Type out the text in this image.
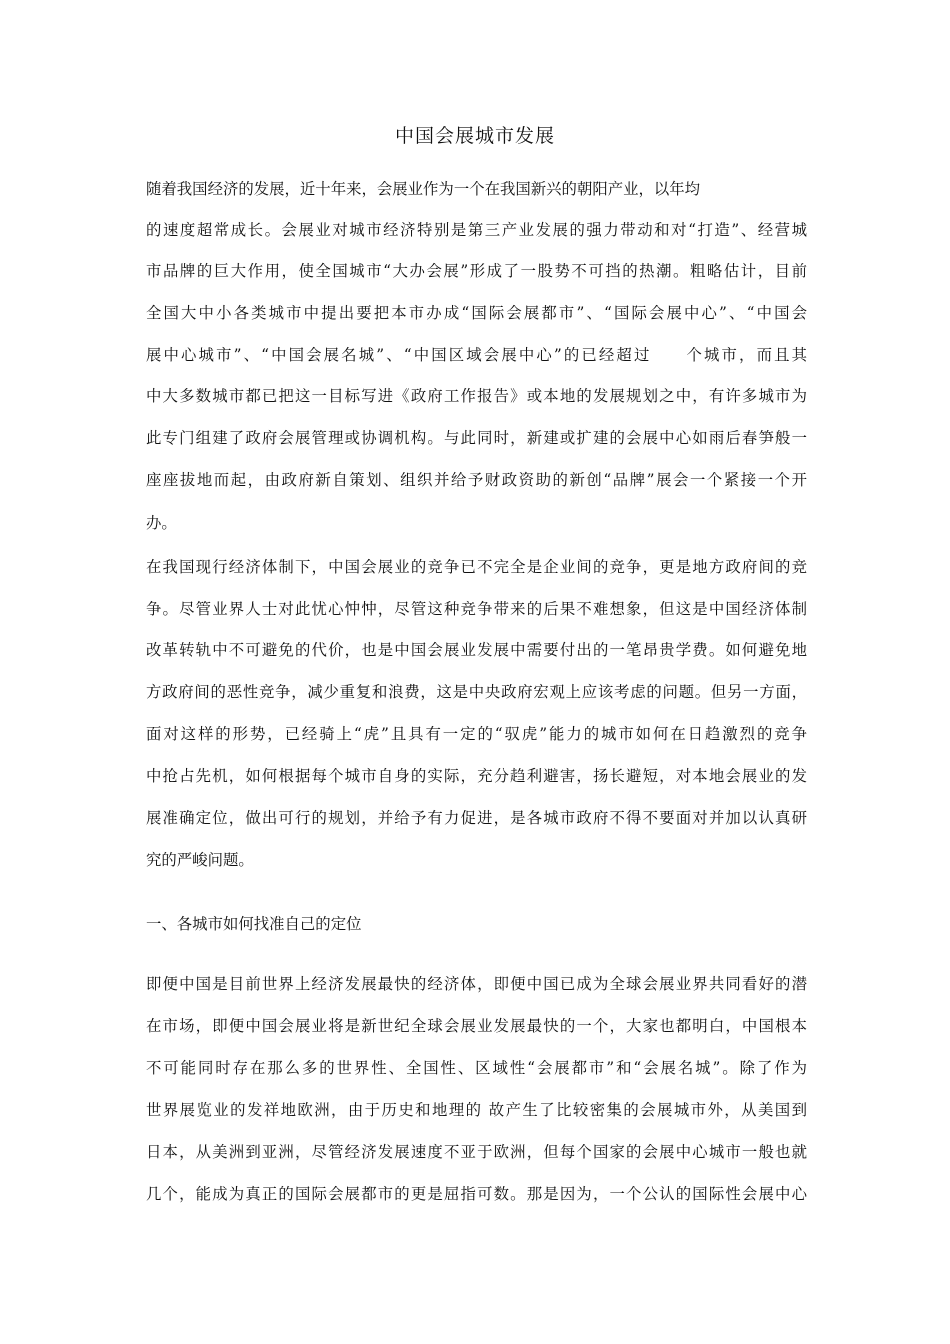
中国会展城市发展
随着我国经济的发展，近十年来，会展业作为一个在我国新兴的朝阳产业，以年均
的速度超常成长。会展业对城市经济特别是第三产业发展的强力带动和对“打造”、经营城
市品牌的巨大作用，使全国城市“大办会展”形成了一股势不可挡的热潮。粗略估计，目前
全国大中小各类城市中提出要把本市办成“国际会展都市”、“国际会展中心”、“中国会
展中心城市”、“中国会展名城”、“中国区域会展中心”的已经超过　　个城市，而且其
中大多数城市都已把这一目标写进《政府工作报告》或本地的发展规划之中，有许多城市为
此专门组建了政府会展管理或协调机构。与此同时，新建或扩建的会展中心如雨后春笋般一
座座拔地而起，由政府新自策划、组织并给予财政资助的新创“品牌”展会一个紧接一个开
办。
在我国现行经济体制下，中国会展业的竞争已不完全是企业间的竞争，更是地方政府间的竞
争。尽管业界人士对此忧心忡忡，尽管这种竞争带来的后果不难想象，但这是中国经济体制
改革转轨中不可避免的代价，也是中国会展业发展中需要付出的一笔昂贵学费。如何避免地
方政府间的恶性竞争，减少重复和浪费，这是中央政府宏观上应该考虑的问题。但另一方面，
面对这样的形势，已经骑上“虎”且具有一定的“驭虎”能力的城市如何在日趋激烈的竞争
中抢占先机，如何根据每个城市自身的实际，充分趋利避害，扬长避短，对本地会展业的发
展准确定位，做出可行的规划，并给予有力促进，是各城市政府不得不要面对并加以认真研
究的严峻问题。
一、各城市如何找准自己的定位
即便中国是目前世界上经济发展最快的经济体，即便中国已成为全球会展业界共同看好的潜
在市场，即便中国会展业将是新世纪全球会展业发展最快的一个，大家也都明白，中国根本
不可能同时存在那么多的世界性、全国性、区域性“会展都市”和“会展名城”。除了作为
世界展览业的发祥地欧洲，由于历史和地理的 故产生了比较密集的会展城市外，从美国到
日本，从美洲到亚洲，尽管经济发展速度不亚于欧洲，但每个国家的会展中心城市一般也就
几个，能成为真正的国际会展都市的更是屈指可数。那是因为，一个公认的国际性会展中心
